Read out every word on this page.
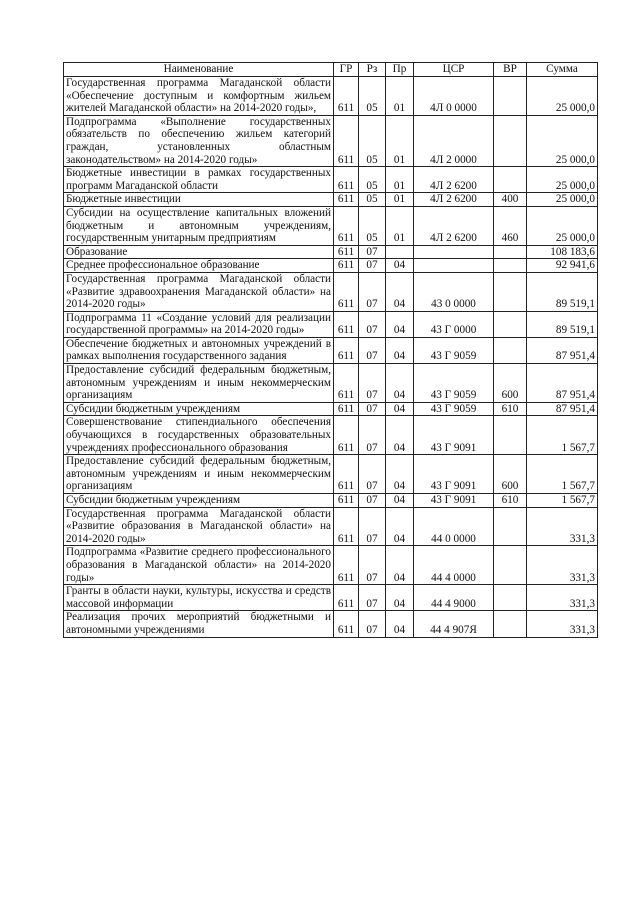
Наименование	ГР	Рз	Пр	ЦСР	ВР	Сумма
Государственная программа Магаданской области «Обеспечение доступным и комфортным жильем жителей Магаданской области» на 2014-2020 годы»,	611	05	01	4Л 0 0000		25 000,0
Подпрограмма «Выполнение государственных обязательств по обеспечению жильем категорий граждан, установленных областным законодательством» на 2014-2020 годы»	611	05	01	4Л 2 0000		25 000,0
Бюджетные инвестиции в рамках государственных программ Магаданской области	611	05	01	4Л 2 6200		25 000,0
Бюджетные инвестиции	611	05	01	4Л 2 6200	400	25 000,0
Субсидии на осуществление капитальных вложений бюджетным и автономным учреждениям, государственным унитарным предприятиям	611	05	01	4Л 2 6200	460	25 000,0
Образование	611	07				108 183,6
Среднее профессиональное образование	611	07	04			92 941,6
Государственная программа Магаданской области «Развитие здравоохранения Магаданской области» на 2014-2020 годы»	611	07	04	43 0 0000		89 519,1
Подпрограмма 11 «Создание условий для реализации государственной программы» на 2014-2020 годы»	611	07	04	43 Г 0000		89 519,1
Обеспечение бюджетных и автономных учреждений в рамках выполнения государственного задания	611	07	04	43 Г 9059		87 951,4
Предоставление субсидий федеральным бюджетным, автономным учреждениям и иным некоммерческим организациям	611	07	04	43 Г 9059	600	87 951,4
Субсидии бюджетным учреждениям	611	07	04	43 Г 9059	610	87 951,4
Совершенствование стипендиального обеспечения обучающихся в государственных образовательных учреждениях профессионального образования	611	07	04	43 Г 9091		1 567,7
Предоставление субсидий федеральным бюджетным, автономным учреждениям и иным некоммерческим организациям	611	07	04	43 Г 9091	600	1 567,7
Субсидии бюджетным учреждениям	611	07	04	43 Г 9091	610	1 567,7
Государственная программа Магаданской области «Развитие образования в Магаданской области» на 2014-2020 годы»	611	07	04	44 0 0000		331,3
Подпрограмма «Развитие среднего профессионального образования в Магаданской области» на 2014-2020 годы»	611	07	04	44 4 0000		331,3
Гранты в области науки, культуры, искусства и средств массовой информации	611	07	04	44 4 9000		331,3
Реализация прочих мероприятий бюджетными и автономными учреждениями	611	07	04	44 4 907Я		331,3
